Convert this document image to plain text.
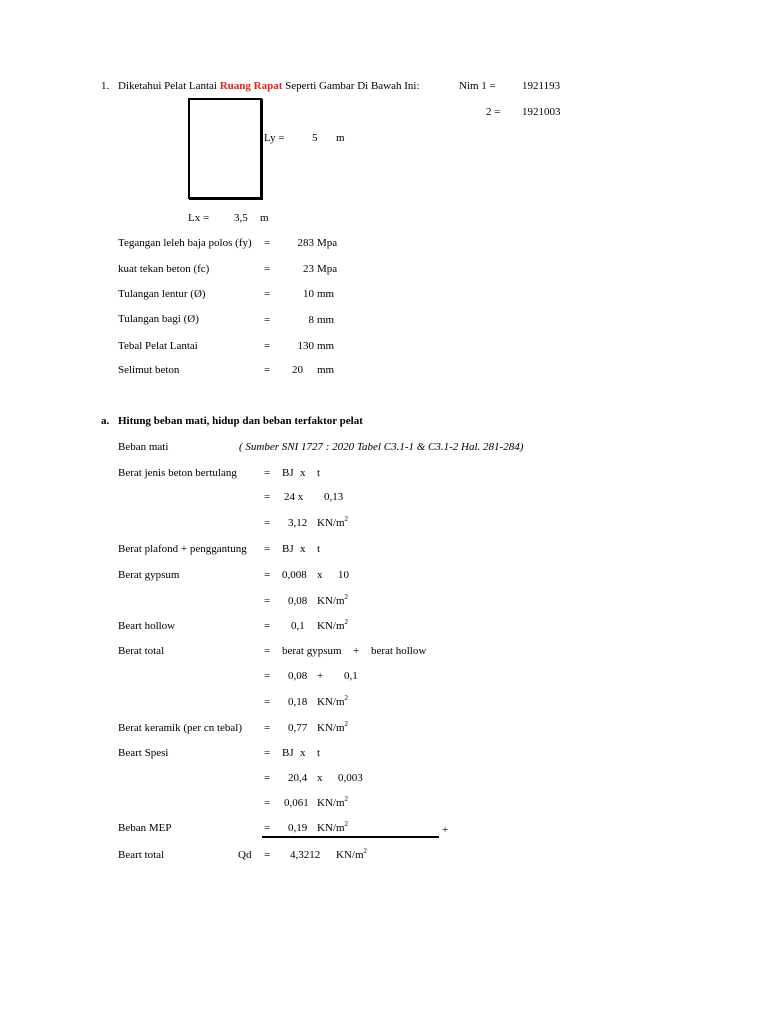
1. Diketahui Pelat Lantai Ruang Rapat Seperti Gambar Di Bawah Ini:	Nim 1 = 1921193
2 = 1921003
Ly = 5 m
Lx = 3,5 m
Tegangan leleh baja polos (fy) =	283 Mpa
kuat tekan beton (fc)	=	23 Mpa
Tulangan lentur (Ø)	=	10 mm
Tulangan bagi (Ø)	=	8 mm
Tebal Pelat Lantai	=	130 mm
Selimut beton	= 20 mm
a. Hitung beban mati, hidup dan beban terfaktor pelat
Beban mati	( Sumber SNI 1727 : 2020 Tabel C3.1-1 & C3.1-2 Hal. 281-284)
Berat jenis beton bertulang = BJ x t
= 24 x 0,13
= 3,12 $KN/m^2$
Berat plafond + penggantung = BJ x t
Berat gypsum	= 0,008 x 10
= 0,08 $KN/m^2$
Beart hollow	= 0,1 $KN/m^2$
Berat total	= berat gypsum + berat hollow
= 0,08 + 0,1
= 0,18 $KN/m^2$
Berat keramik (per cn tebal) = 0,77 $KN/m^2$
Beart Spesi	= BJ x t
= 20,4 x 0,003
= 0,061 $KN/m^2$
Beban MEP	= 0,19 $KN/m^2$	+
Beart total	Qd = 4,3212 $KN/m^2$
